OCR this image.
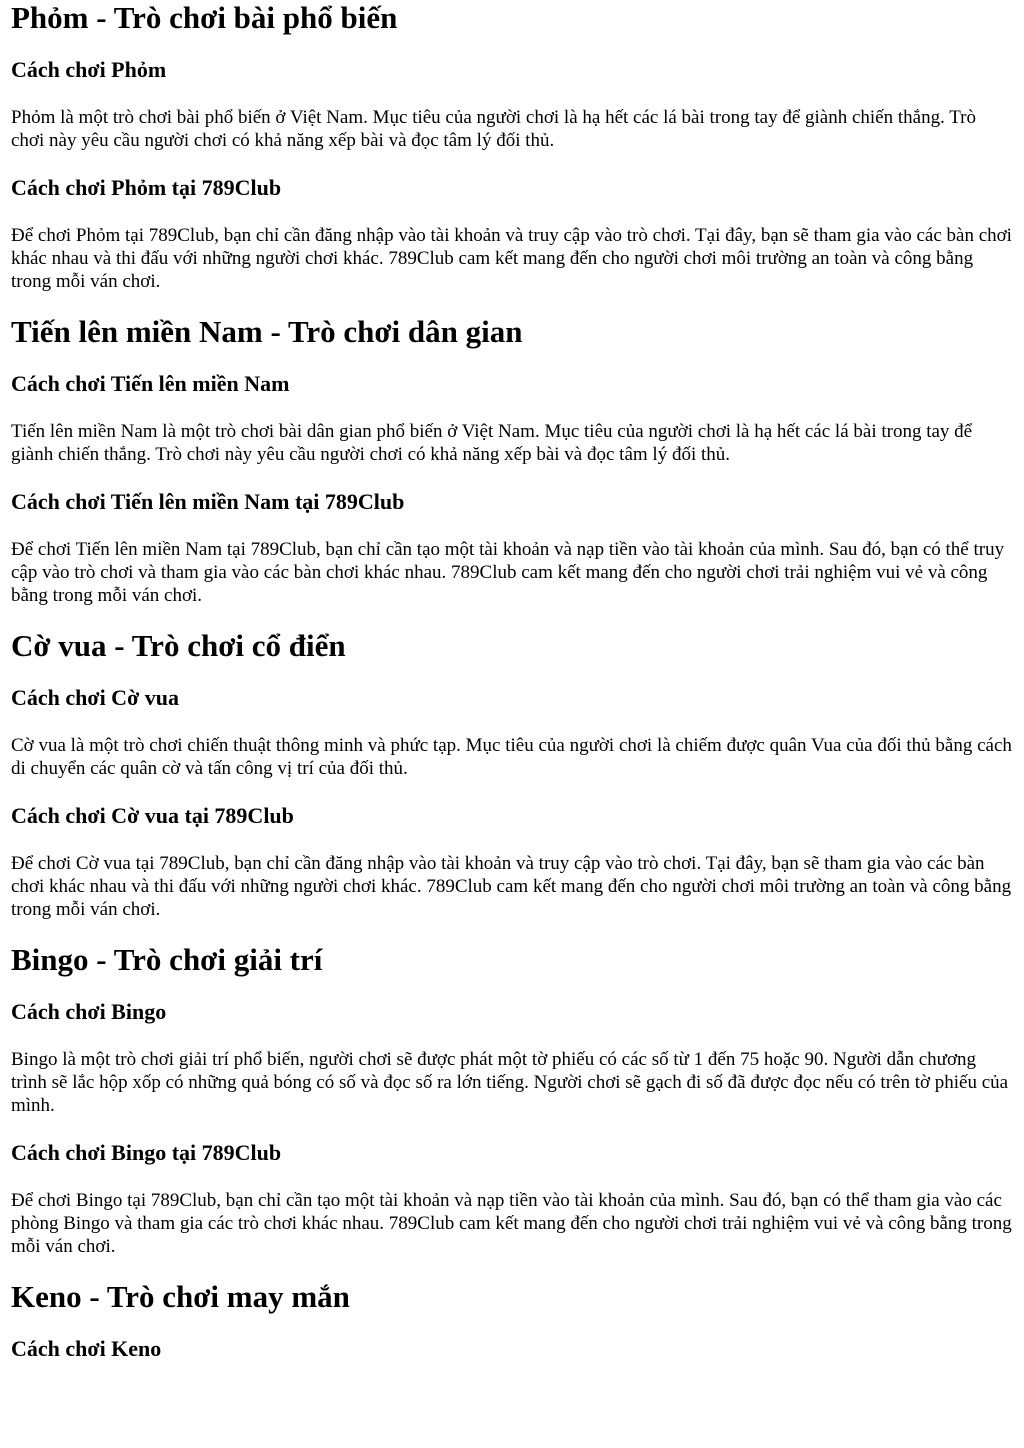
Phỏm - Trò chơi bài phổ biến
Cách chơi Phỏm

Phỏm là một trò chơi bài phổ biến ở Việt Nam. Mục tiêu của người chơi là hạ hết các lá bài trong tay để giành chiến thắng. Trò chơi này yêu cầu người chơi có khả năng xếp bài và đọc tâm lý đối thủ.

Cách chơi Phỏm tại 789Club

Để chơi Phỏm tại 789Club, bạn chỉ cần đăng nhập vào tài khoản và truy cập vào trò chơi. Tại đây, bạn sẽ tham gia vào các bàn chơi khác nhau và thi đấu với những người chơi khác. 789Club cam kết mang đến cho người chơi môi trường an toàn và công bằng trong mỗi ván chơi.

Tiến lên miền Nam - Trò chơi dân gian
Cách chơi Tiến lên miền Nam

Tiến lên miền Nam là một trò chơi bài dân gian phổ biến ở Việt Nam. Mục tiêu của người chơi là hạ hết các lá bài trong tay để giành chiến thắng. Trò chơi này yêu cầu người chơi có khả năng xếp bài và đọc tâm lý đối thủ.

Cách chơi Tiến lên miền Nam tại 789Club

Để chơi Tiến lên miền Nam tại 789Club, bạn chỉ cần tạo một tài khoản và nạp tiền vào tài khoản của mình. Sau đó, bạn có thể truy cập vào trò chơi và tham gia vào các bàn chơi khác nhau. 789Club cam kết mang đến cho người chơi trải nghiệm vui vẻ và công bằng trong mỗi ván chơi.

Cờ vua - Trò chơi cổ điển
Cách chơi Cờ vua

Cờ vua là một trò chơi chiến thuật thông minh và phức tạp. Mục tiêu của người chơi là chiếm được quân Vua của đối thủ bằng cách di chuyển các quân cờ và tấn công vị trí của đối thủ.

Cách chơi Cờ vua tại 789Club

Để chơi Cờ vua tại 789Club, bạn chỉ cần đăng nhập vào tài khoản và truy cập vào trò chơi. Tại đây, bạn sẽ tham gia vào các bàn chơi khác nhau và thi đấu với những người chơi khác. 789Club cam kết mang đến cho người chơi môi trường an toàn và công bằng trong mỗi ván chơi.

Bingo - Trò chơi giải trí
Cách chơi Bingo

Bingo là một trò chơi giải trí phổ biến, người chơi sẽ được phát một tờ phiếu có các số từ 1 đến 75 hoặc 90. Người dẫn chương trình sẽ lắc hộp xốp có những quả bóng có số và đọc số ra lớn tiếng. Người chơi sẽ gạch đi số đã được đọc nếu có trên tờ phiếu của mình.

Cách chơi Bingo tại 789Club

Để chơi Bingo tại 789Club, bạn chỉ cần tạo một tài khoản và nạp tiền vào tài khoản của mình. Sau đó, bạn có thể tham gia vào các phòng Bingo và tham gia các trò chơi khác nhau. 789Club cam kết mang đến cho người chơi trải nghiệm vui vẻ và công bằng trong mỗi ván chơi.

Keno - Trò chơi may mắn
Cách chơi Keno
